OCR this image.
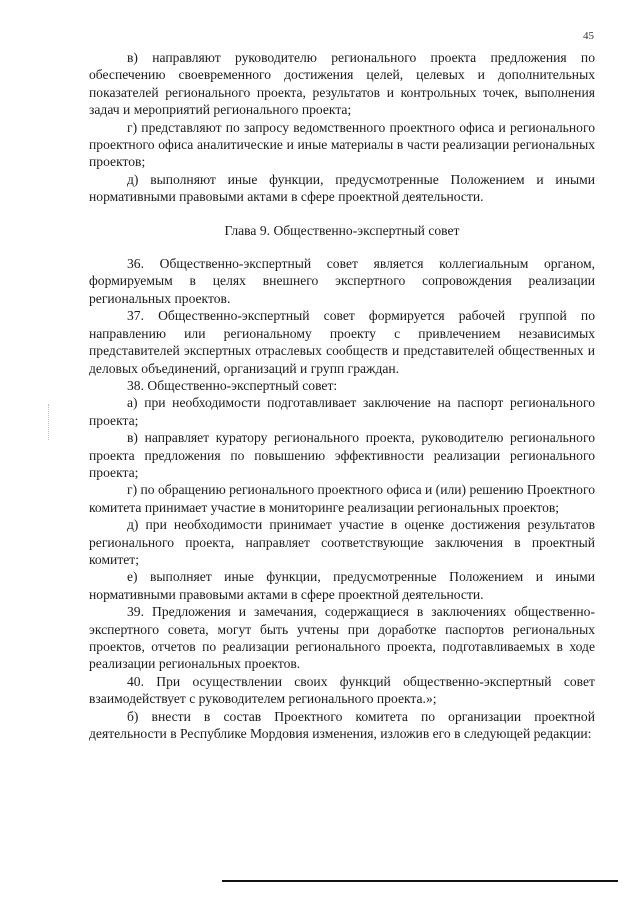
45

в) направляют руководителю регионального проекта предложения по обеспечению своевременного достижения целей, целевых и дополнительных показателей регионального проекта, результатов и контрольных точек, выполнения задач и мероприятий регионального проекта;

г) представляют по запросу ведомственного проектного офиса и регионального проектного офиса аналитические и иные материалы в части реализации региональных проектов;

д) выполняют иные функции, предусмотренные Положением и иными нормативными правовыми актами в сфере проектной деятельности.

Глава 9. Общественно-экспертный совет

36. Общественно-экспертный совет является коллегиальным органом, формируемым в целях внешнего экспертного сопровождения реализации региональных проектов.

37. Общественно-экспертный совет формируется рабочей группой по направлению или региональному проекту с привлечением независимых представителей экспертных отраслевых сообществ и представителей общественных и деловых объединений, организаций и групп граждан.

38. Общественно-экспертный совет:

а) при необходимости подготавливает заключение на паспорт регионального проекта;

в) направляет куратору регионального проекта, руководителю регионального проекта предложения по повышению эффективности реализации регионального проекта;

г) по обращению регионального проектного офиса и (или) решению Проектного комитета принимает участие в мониторинге реализации региональных проектов;

д) при необходимости принимает участие в оценке достижения результатов регионального проекта, направляет соответствующие заключения в проектный комитет;

е) выполняет иные функции, предусмотренные Положением и иными нормативными правовыми актами в сфере проектной деятельности.

39. Предложения и замечания, содержащиеся в заключениях общественно-экспертного совета, могут быть учтены при доработке паспортов региональных проектов, отчетов по реализации регионального проекта, подготавливаемых в ходе реализации региональных проектов.

40. При осуществлении своих функций общественно-экспертный совет взаимодействует с руководителем регионального проекта.»;

б) внести в состав Проектного комитета по организации проектной деятельности в Республике Мордовия изменения, изложив его в следующей редакции:
